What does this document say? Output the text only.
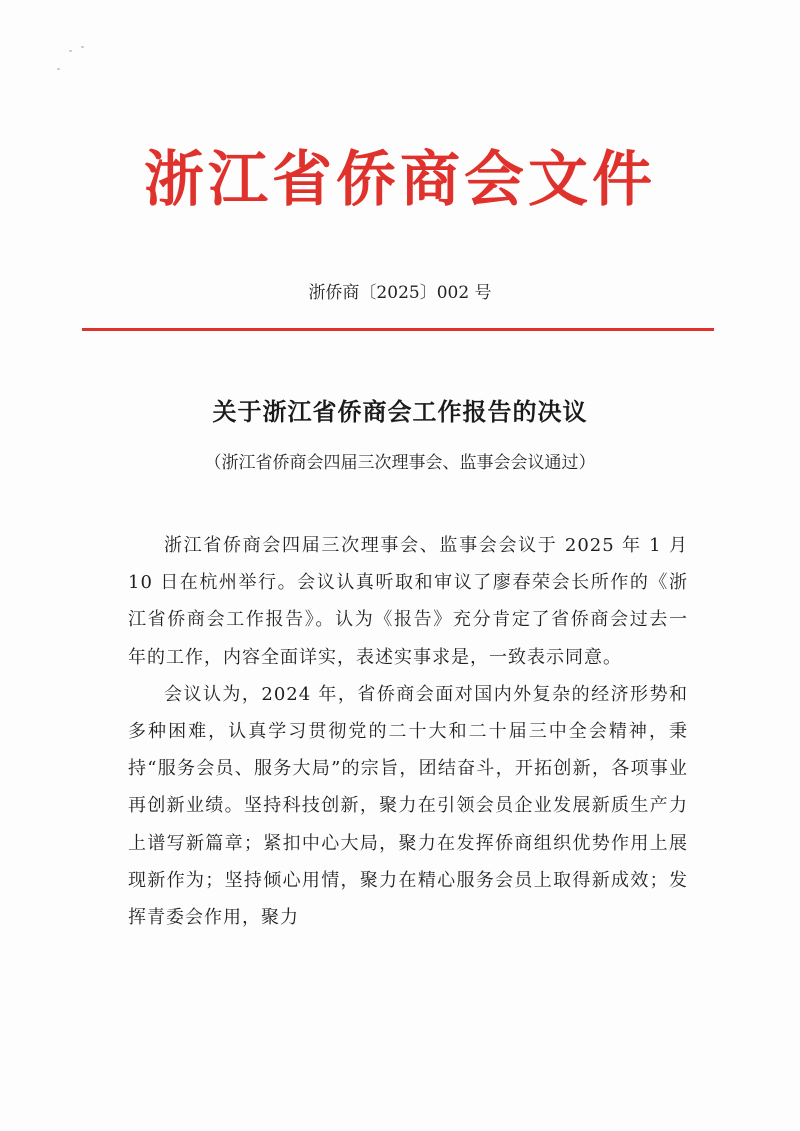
浙江省侨商会文件
浙侨商〔2025〕002 号
关于浙江省侨商会工作报告的决议
（浙江省侨商会四届三次理事会、监事会会议通过）

浙江省侨商会四届三次理事会、监事会会议于 2025 年 1 月 10 日在杭州举行。会议认真听取和审议了廖春荣会长所作的《浙江省侨商会工作报告》。认为《报告》充分肯定了省侨商会过去一年的工作，内容全面详实，表述实事求是，一致表示同意。

会议认为，2024 年，省侨商会面对国内外复杂的经济形势和多种困难，认真学习贯彻党的二十大和二十届三中全会精神，秉持“服务会员、服务大局”的宗旨，团结奋斗，开拓创新，各项事业再创新业绩。坚持科技创新，聚力在引领会员企业发展新质生产力上谱写新篇章；紧扣中心大局，聚力在发挥侨商组织优势作用上展现新作为；坚持倾心用情，聚力在精心服务会员上取得新成效；发挥青委会作用，聚力
